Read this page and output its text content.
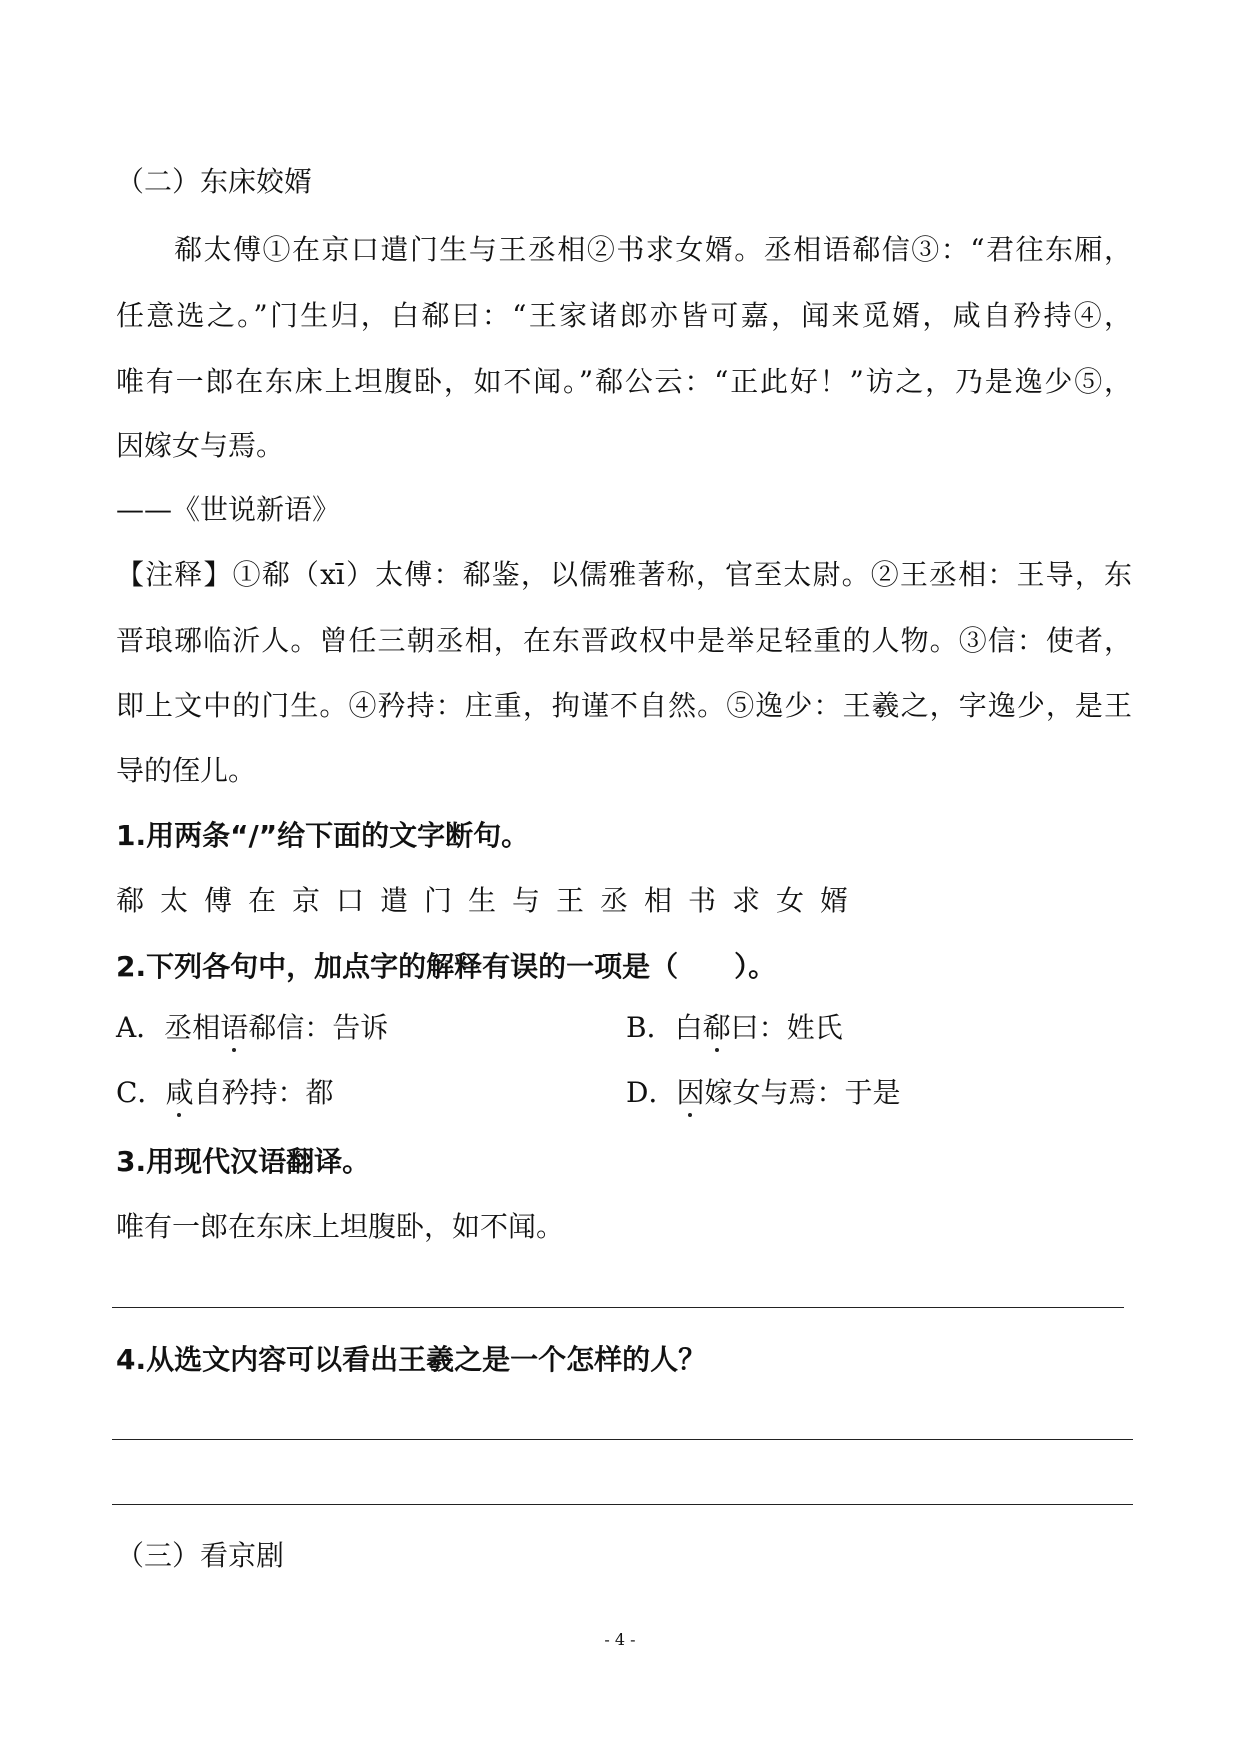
（二）东床姣婿
郗太傅①在京口遣门生与王丞相②书求女婿。丞相语郗信③：“君往东厢，
任意选之。”门生归，白郗曰：“王家诸郎亦皆可嘉，闻来觅婿，咸自矜持④，
唯有一郎在东床上坦腹卧，如不闻。”郗公云：“正此好！”访之，乃是逸少⑤，
因嫁女与焉。
——《世说新语》
【注释】①郗（xī）太傅：郗鉴，以儒雅著称，官至太尉。②王丞相：王导，东
晋琅琊临沂人。曾任三朝丞相，在东晋政权中是举足轻重的人物。③信：使者，
即上文中的门生。④矜持：庄重，拘谨不自然。⑤逸少：王羲之，字逸少，是王
导的侄儿。
1.用两条“/”给下面的文字断句。
郗太傅在京口遣门生与王丞相书求女婿
2.下列各句中，加点字的解释有误的一项是（　　）。
A．丞相语郗信：告诉	B．白郗曰：姓氏
C．咸自矜持：都	D．因嫁女与焉：于是
3.用现代汉语翻译。
唯有一郎在东床上坦腹卧，如不闻。
4.从选文内容可以看出王羲之是一个怎样的人？
（三）看京剧
- 4 -
